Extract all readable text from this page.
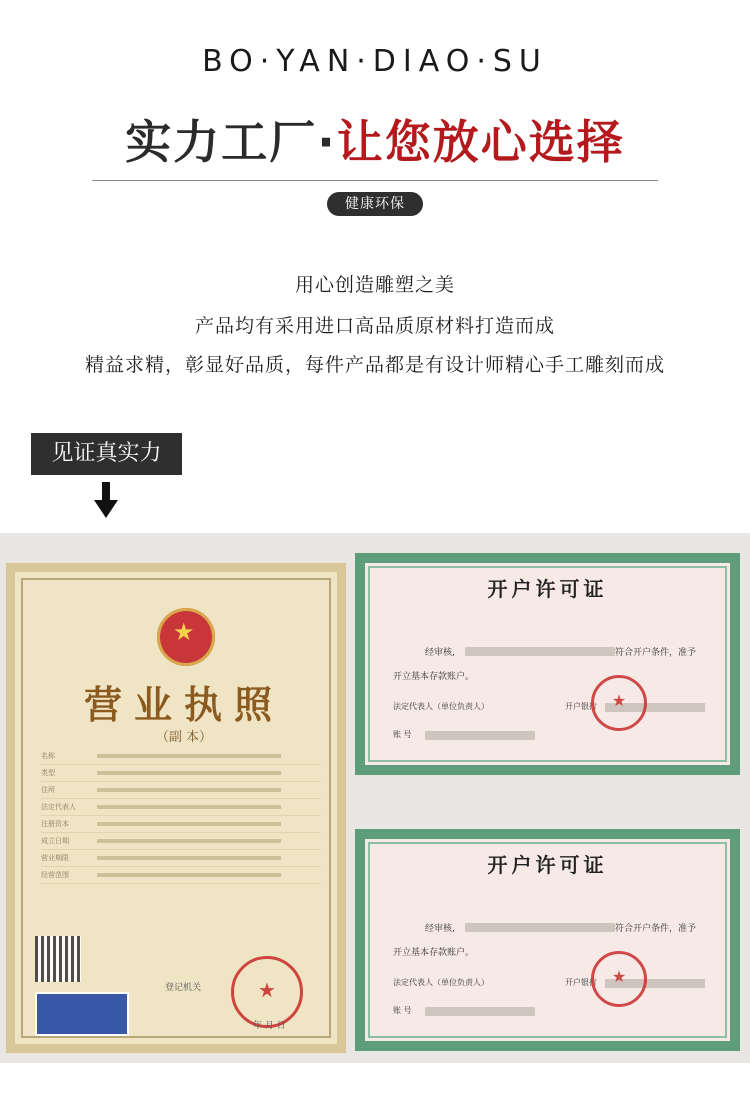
BO·YAN·DIAO·SU
实力工厂·让您放心选择
健康环保
用心创造雕塑之美
产品均有采用进口高品质原材料打造而成
精益求精，彰显好品质，每件产品都是有设计师精心手工雕刻而成
见证真实力
★
营业执照
（副 本）
名称
类型
住所
法定代表人
注册资本
成立日期
营业期限
经营范围
登记机关	★
年 月 日
开户许可证
经审核,	符合开户条件，准予
开立基本存款账户。
法定代表人（单位负责人）	开户银行
账 号
★
开户许可证
经审核,	符合开户条件，准予
开立基本存款账户。
法定代表人（单位负责人）	开户银行
账 号
★
